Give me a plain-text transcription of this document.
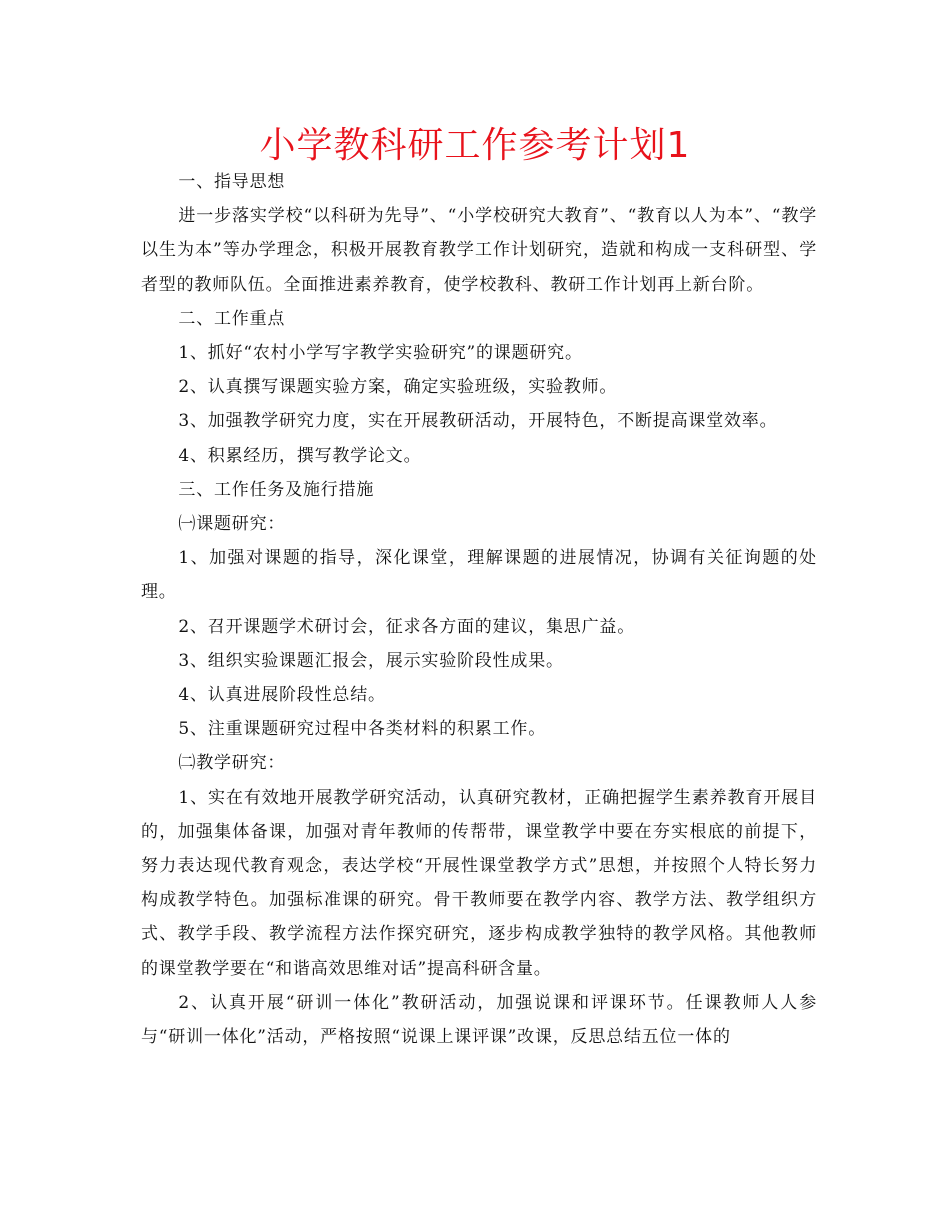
小学教科研工作参考计划1

一、指导思想

进一步落实学校“以科研为先导”、“小学校研究大教育”、“教育以人为本”、“教学以生为本”等办学理念，积极开展教育教学工作计划研究，造就和构成一支科研型、学者型的教师队伍。全面推进素养教育，使学校教科、教研工作计划再上新台阶。

二、工作重点

1、抓好“农村小学写字教学实验研究”的课题研究。

2、认真撰写课题实验方案，确定实验班级，实验教师。

3、加强教学研究力度，实在开展教研活动，开展特色，不断提高课堂效率。

4、积累经历，撰写教学论文。

三、工作任务及施行措施

㈠课题研究：

1、加强对课题的指导，深化课堂，理解课题的进展情况，协调有关征询题的处理。

2、召开课题学术研讨会，征求各方面的建议，集思广益。

3、组织实验课题汇报会，展示实验阶段性成果。

4、认真进展阶段性总结。

5、注重课题研究过程中各类材料的积累工作。

㈡教学研究：

1、实在有效地开展教学研究活动，认真研究教材，正确把握学生素养教育开展目的，加强集体备课，加强对青年教师的传帮带，课堂教学中要在夯实根底的前提下，努力表达现代教育观念，表达学校“开展性课堂教学方式”思想，并按照个人特长努力构成教学特色。加强标准课的研究。骨干教师要在教学内容、教学方法、教学组织方式、教学手段、教学流程方法作探究研究，逐步构成教学独特的教学风格。其他教师的课堂教学要在“和谐高效思维对话”提高科研含量。

2、认真开展“研训一体化”教研活动，加强说课和评课环节。任课教师人人参与“研训一体化”活动，严格按照“说课上课评课”改课，反思总结五位一体的
